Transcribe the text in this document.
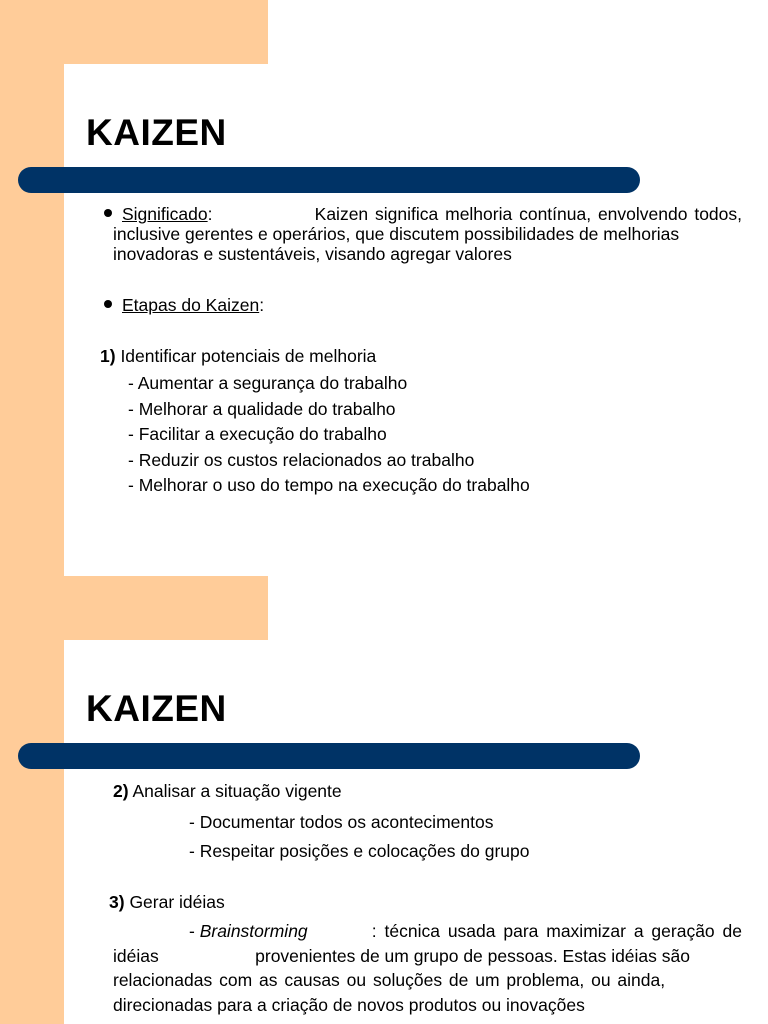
KAIZEN
Significado:	Kaizen significa melhoria contínua, envolvendo todos,
inclusive gerentes e operários, que discutem possibilidades de melhorias
inovadoras e sustentáveis, visando agregar valores
Etapas do Kaizen:
1) Identificar potenciais de melhoria
- Aumentar a segurança do trabalho
- Melhorar a qualidade do trabalho
- Facilitar a execução do trabalho
- Reduzir os custos relacionados ao trabalho
- Melhorar o uso do tempo na execução do trabalho
KAIZEN
2) Analisar a situação vigente
- Documentar todos os acontecimentos
- Respeitar posições e colocações do grupo
3) Gerar idéias
- Brainstorming	: técnica usada para maximizar a geração de
idéias	provenientes de um grupo de pessoas. Estas idéias são
relacionadas com as causas ou soluções de um problema, ou ainda,
direcionadas para a criação de novos produtos ou inovações
